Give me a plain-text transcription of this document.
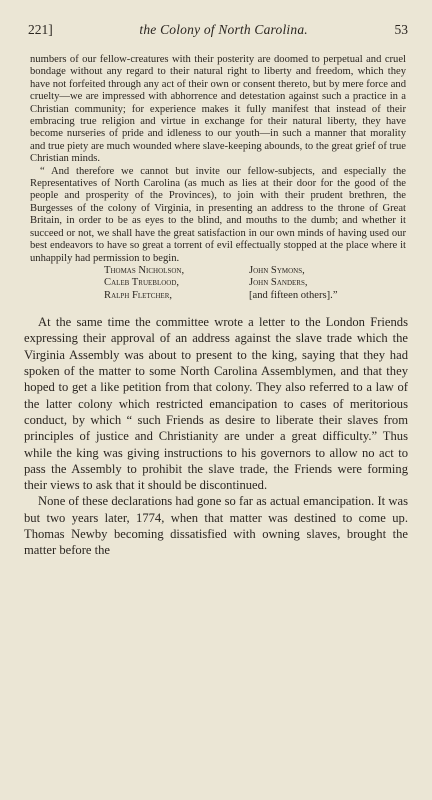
221]	the Colony of North Carolina.	53

numbers of our fellow-creatures with their posterity are doomed to perpetual and cruel bondage without any regard to their natural right to liberty and freedom, which they have not forfeited through any act of their own or consent thereto, but by mere force and cruelty—we are impressed with abhorrence and detestation against such a practice in a Christian community; for experience makes it fully manifest that instead of their embracing true religion and virtue in exchange for their natural liberty, they have become nurseries of pride and idleness to our youth—in such a manner that morality and true piety are much wounded where slave-keeping abounds, to the great grief of true Christian minds.

“ And therefore we cannot but invite our fellow-subjects, and especially the Representatives of North Carolina (as much as lies at their door for the good of the people and prosperity of the Provinces), to join with their prudent brethren, the Burgesses of the colony of Virginia, in presenting an address to the throne of Great Britain, in order to be as eyes to the blind, and mouths to the dumb; and whether it succeed or not, we shall have the great satisfaction in our own minds of having used our best endeavors to have so great a torrent of evil effectually stopped at the place where it unhappily had permission to begin.

Thomas Nicholson,	John Symons,
Caleb Trueblood,	John Sanders,
Ralph Fletcher,	[and fifteen others].”

At the same time the committee wrote a letter to the London Friends expressing their approval of an address against the slave trade which the Virginia Assembly was about to present to the king, saying that they had spoken of the matter to some North Carolina Assemblymen, and that they hoped to get a like petition from that colony. They also referred to a law of the latter colony which restricted emancipation to cases of meritorious conduct, by which “ such Friends as desire to liberate their slaves from principles of justice and Christianity are under a great difficulty.” Thus while the king was giving instructions to his governors to allow no act to pass the Assembly to prohibit the slave trade, the Friends were forming their views to ask that it should be discontinued.

None of these declarations had gone so far as actual emancipation. It was but two years later, 1774, when that matter was destined to come up. Thomas Newby becoming dissatisfied with owning slaves, brought the matter before the
